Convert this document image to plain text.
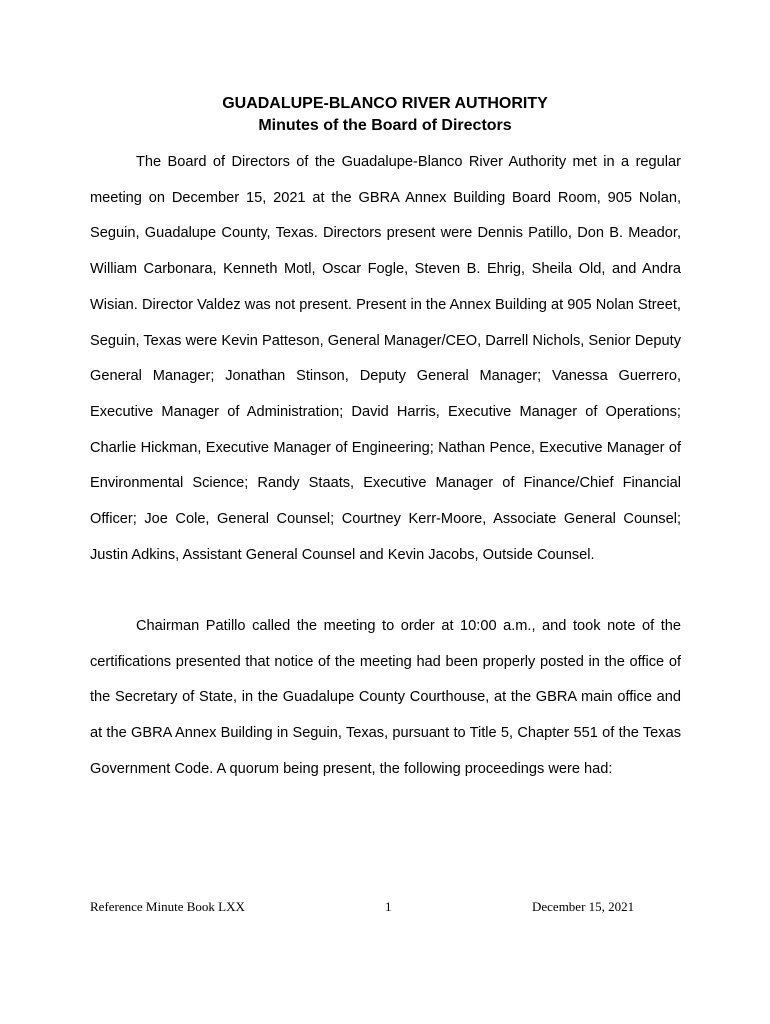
GUADALUPE-BLANCO RIVER AUTHORITY
Minutes of the Board of Directors

The Board of Directors of the Guadalupe-Blanco River Authority met in a regular meeting on December 15, 2021 at the GBRA Annex Building Board Room, 905 Nolan, Seguin, Guadalupe County, Texas. Directors present were Dennis Patillo, Don B. Meador, William Carbonara, Kenneth Motl, Oscar Fogle, Steven B. Ehrig, Sheila Old, and Andra Wisian. Director Valdez was not present. Present in the Annex Building at 905 Nolan Street, Seguin, Texas were Kevin Patteson, General Manager/CEO, Darrell Nichols, Senior Deputy General Manager; Jonathan Stinson, Deputy General Manager; Vanessa Guerrero, Executive Manager of Administration; David Harris, Executive Manager of Operations; Charlie Hickman, Executive Manager of Engineering; Nathan Pence, Executive Manager of Environmental Science; Randy Staats, Executive Manager of Finance/Chief Financial Officer; Joe Cole, General Counsel; Courtney Kerr-Moore, Associate General Counsel; Justin Adkins, Assistant General Counsel and Kevin Jacobs, Outside Counsel.

Chairman Patillo called the meeting to order at 10:00 a.m., and took note of the certifications presented that notice of the meeting had been properly posted in the office of the Secretary of State, in the Guadalupe County Courthouse, at the GBRA main office and at the GBRA Annex Building in Seguin, Texas, pursuant to Title 5, Chapter 551 of the Texas Government Code. A quorum being present, the following proceedings were had:

Reference Minute Book LXX	1	December 15, 2021
